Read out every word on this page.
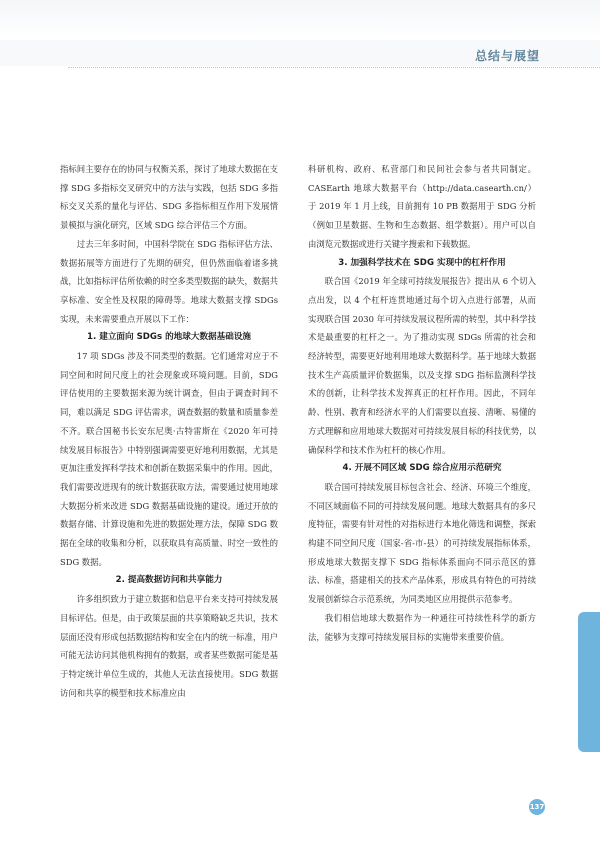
总结与展望

指标间主要存在的协同与权衡关系，探讨了地球大数据在支撑 SDG 多指标交叉研究中的方法与实践，包括 SDG 多指标交叉关系的量化与评估、SDG 多指标相互作用下发展情景模拟与演化研究，区域 SDG 综合评估三个方面。

过去三年多时间，中国科学院在 SDG 指标评估方法、数据拓展等方面进行了先期的研究，但仍然面临着诸多挑战，比如指标评估所依赖的时空多类型数据的缺失，数据共享标准、安全性及权限的障碍等。地球大数据支撑 SDGs 实现，未来需要重点开展以下工作：

1. 建立面向 SDGs 的地球大数据基础设施

17 项 SDGs 涉及不同类型的数据。它们通常对应于不同空间和时间尺度上的社会现象或环境问题。目前，SDG 评估使用的主要数据来源为统计调查，但由于调查时间不同，难以满足 SDG 评估需求，调查数据的数量和质量参差不齐。联合国秘书长安东尼奥·古特雷斯在《2020 年可持续发展目标报告》中特别强调需要更好地利用数据，尤其是更加注重发挥科学技术和创新在数据采集中的作用。因此，我们需要改进现有的统计数据获取方法，需要通过使用地球大数据分析来改进 SDG 数据基础设施的建设。通过开放的数据存储、计算设施和先进的数据处理方法，保障 SDG 数据在全球的收集和分析，以获取具有高质量、时空一致性的 SDG 数据。

2. 提高数据访问和共享能力

许多组织致力于建立数据和信息平台来支持可持续发展目标评估。但是，由于政策层面的共享策略缺乏共识，技术层面还没有形成包括数据结构和安全在内的统一标准，用户可能无法访问其他机构拥有的数据，或者某些数据可能是基于特定统计单位生成的，其他人无法直接使用。SDG 数据访问和共享的模型和技术标准应由

科研机构、政府、私营部门和民间社会参与者共同制定。CASEarth 地球大数据平台（http://data.casearth.cn/）于 2019 年 1 月上线，目前拥有 10 PB 数据用于 SDG 分析（例如卫星数据、生物和生态数据、组学数据）。用户可以自由浏览元数据或进行关键字搜索和下载数据。

3. 加强科学技术在 SDG 实现中的杠杆作用

联合国《2019 年全球可持续发展报告》提出从 6 个切入点出发，以 4 个杠杆连贯地通过每个切入点进行部署，从而实现联合国 2030 年可持续发展议程所需的转型，其中科学技术是最重要的杠杆之一。为了推动实现 SDGs 所需的社会和经济转型，需要更好地利用地球大数据科学。基于地球大数据技术生产高质量评价数据集，以及支撑 SDG 指标监测科学技术的创新，让科学技术发挥真正的杠杆作用。因此，不同年龄、性别、教育和经济水平的人们需要以直接、清晰、易懂的方式理解和应用地球大数据对可持续发展目标的科技优势，以确保科学和技术作为杠杆的核心作用。

4. 开展不同区域 SDG 综合应用示范研究

联合国可持续发展目标包含社会、经济、环境三个维度，不同区域面临不同的可持续发展问题。地球大数据具有的多尺度特征，需要有针对性的对指标进行本地化筛选和调整，探索构建不同空间尺度（国家-省-市-县）的可持续发展指标体系，形成地球大数据支撑下 SDG 指标体系面向不同示范区的算法、标准，搭建相关的技术产品体系，形成具有特色的可持续发展创新综合示范系统，为同类地区应用提供示范参考。

我们相信地球大数据作为一种通往可持续性科学的新方法，能够为支撑可持续发展目标的实施带来重要价值。

137
